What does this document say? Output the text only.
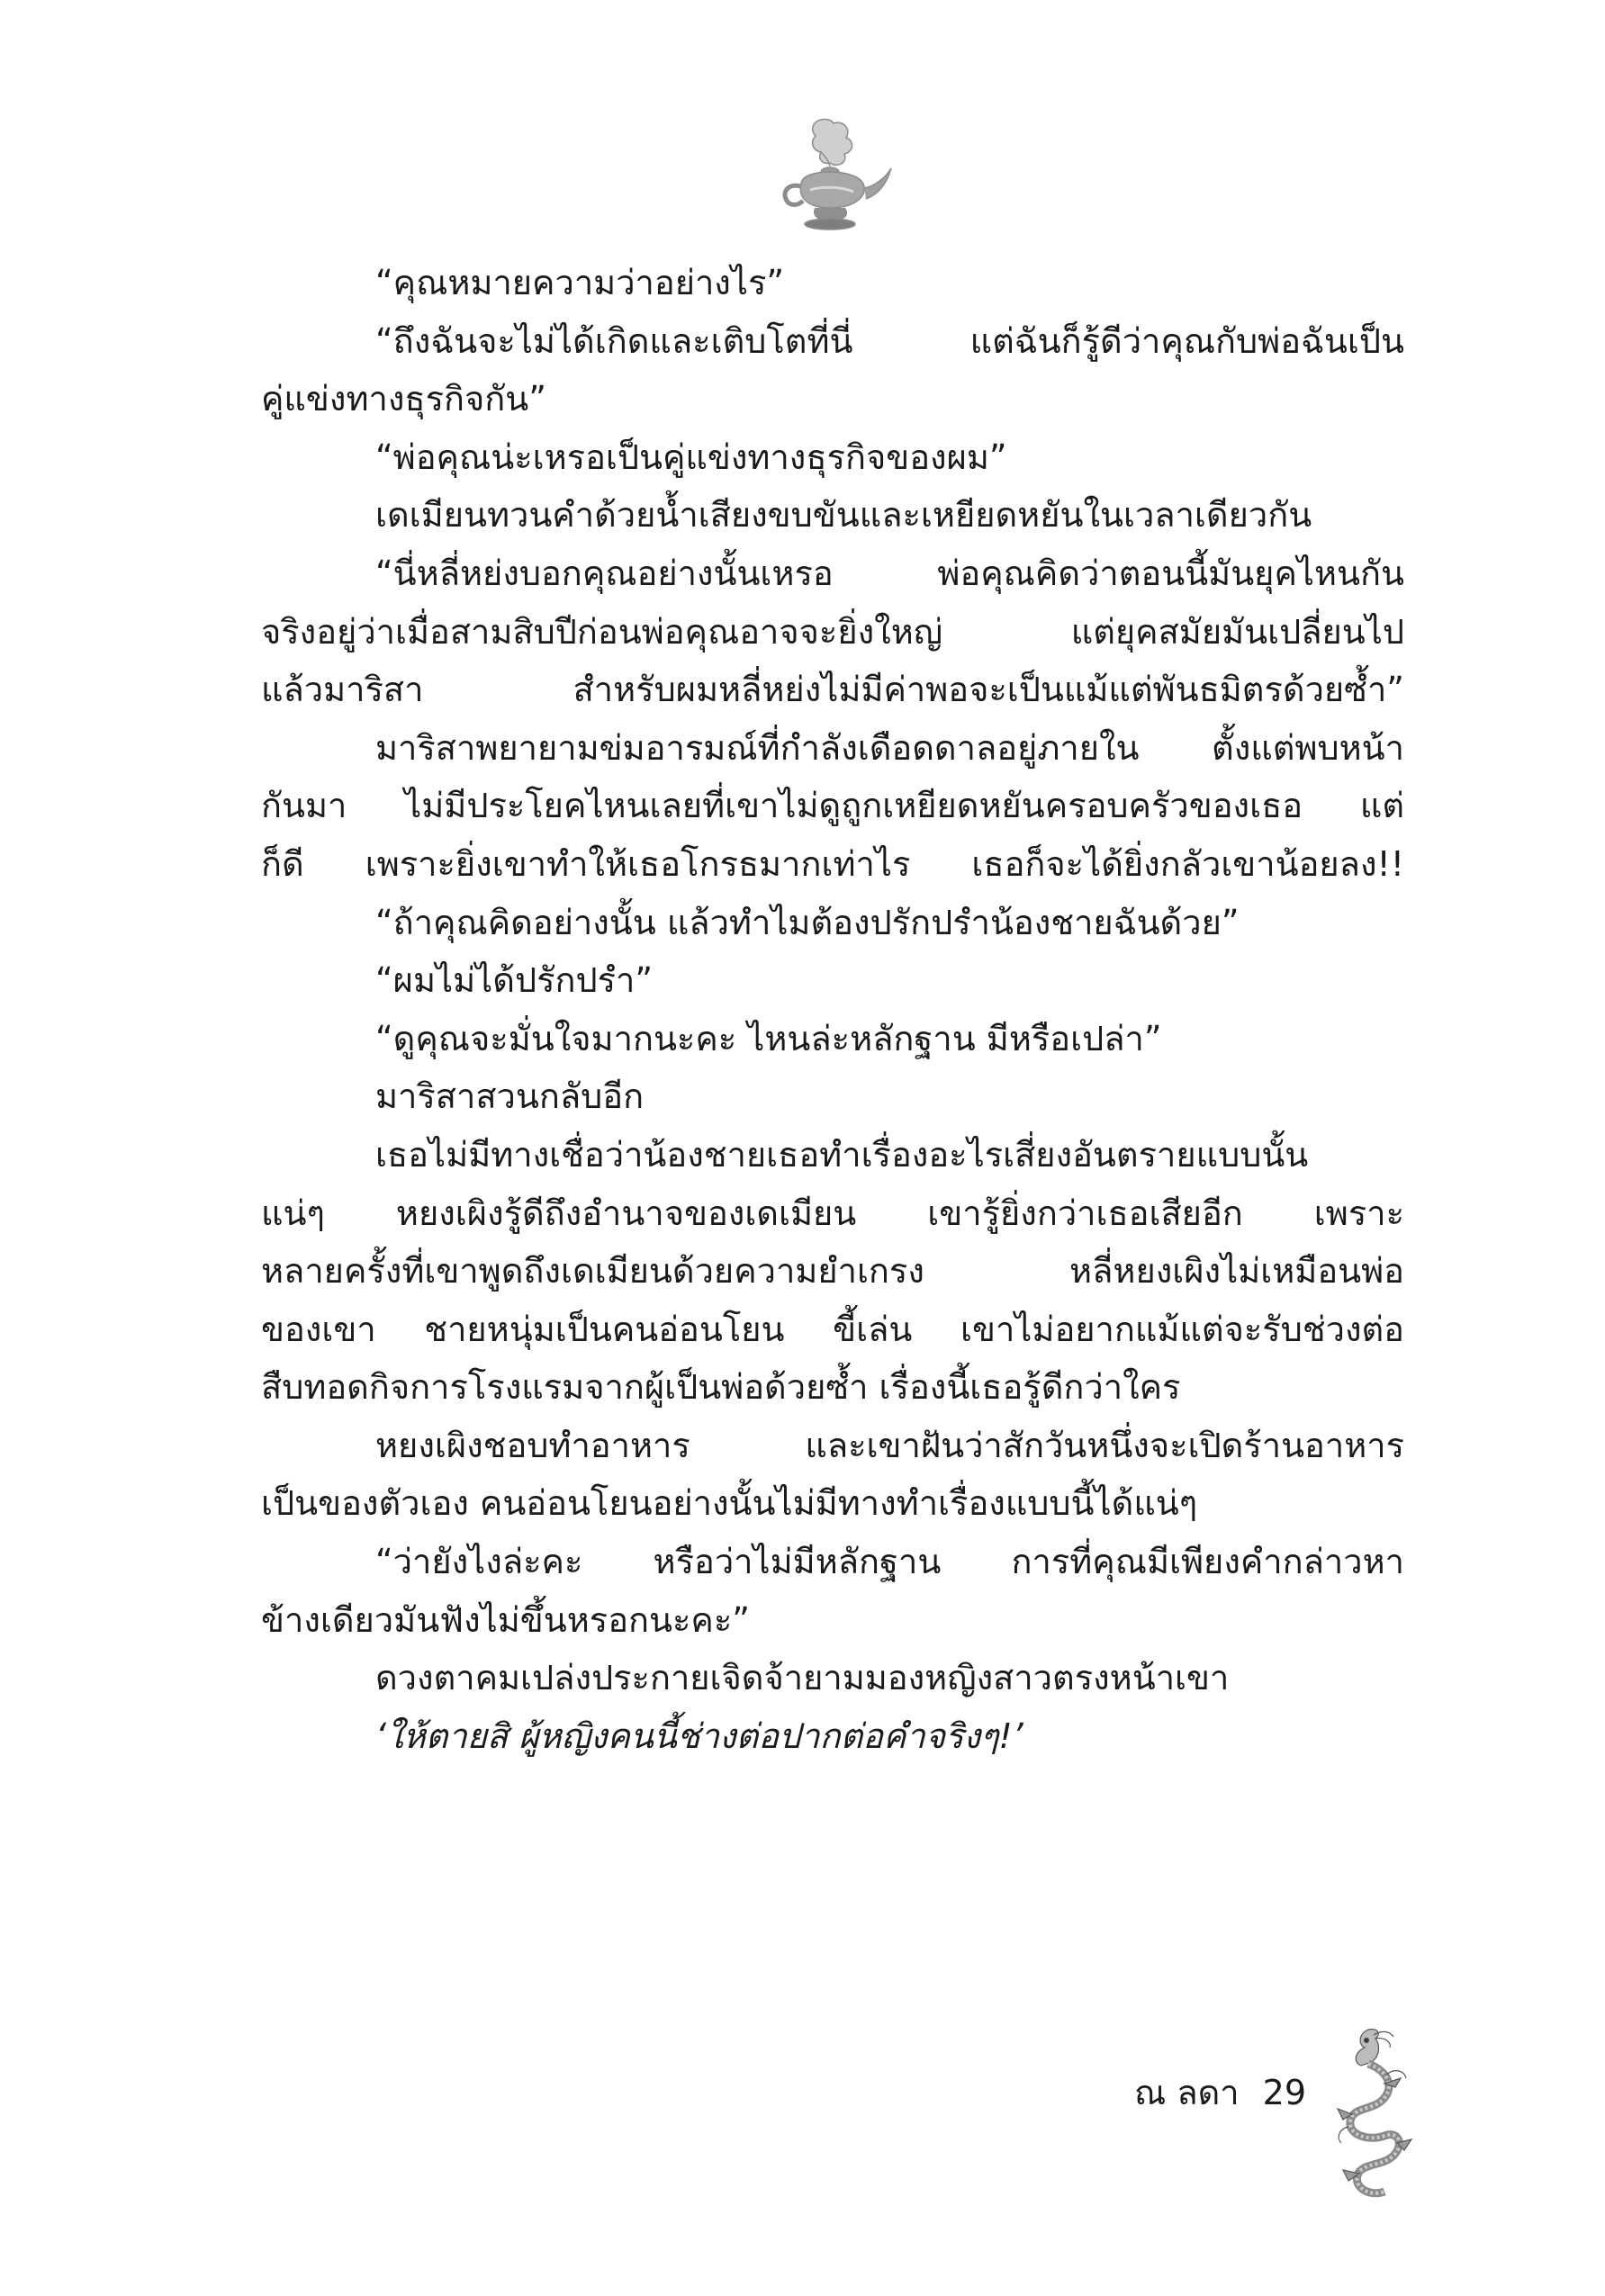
“คุณหมายความว่าอย่างไร”
“ถึงฉันจะไม่ได้เกิดและเติบโตที่นี่ แต่ฉันก็รู้ดีว่าคุณกับพ่อฉันเป็น
คู่แข่งทางธุรกิจกัน”
“พ่อคุณน่ะเหรอเป็นคู่แข่งทางธุรกิจของผม”
เดเมียนทวนคำด้วยน้ำเสียงขบขันและเหยียดหยันในเวลาเดียวกัน
“นี่หลี่หย่งบอกคุณอย่างนั้นเหรอ พ่อคุณคิดว่าตอนนี้มันยุคไหนกัน
จริงอยู่ว่าเมื่อสามสิบปีก่อนพ่อคุณอาจจะยิ่งใหญ่ แต่ยุคสมัยมันเปลี่ยนไป
แล้วมาริสา สำหรับผมหลี่หย่งไม่มีค่าพอจะเป็นแม้แต่พันธมิตรด้วยซ้ำ”
มาริสาพยายามข่มอารมณ์ที่กำลังเดือดดาลอยู่ภายใน ตั้งแต่พบหน้า
กันมา ไม่มีประโยคไหนเลยที่เขาไม่ดูถูกเหยียดหยันครอบครัวของเธอ แต่
ก็ดี เพราะยิ่งเขาทำให้เธอโกรธมากเท่าไร เธอก็จะได้ยิ่งกลัวเขาน้อยลง!!
“ถ้าคุณคิดอย่างนั้น แล้วทำไมต้องปรักปรำน้องชายฉันด้วย”
“ผมไม่ได้ปรักปรำ”
“ดูคุณจะมั่นใจมากนะคะ ไหนล่ะหลักฐาน มีหรือเปล่า”
มาริสาสวนกลับอีก
เธอไม่มีทางเชื่อว่าน้องชายเธอทำเรื่องอะไรเสี่ยงอันตรายแบบนั้น
แน่ๆ หยงเผิงรู้ดีถึงอำนาจของเดเมียน เขารู้ยิ่งกว่าเธอเสียอีก เพราะ
หลายครั้งที่เขาพูดถึงเดเมียนด้วยความยำเกรง หลี่หยงเผิงไม่เหมือนพ่อ
ของเขา ชายหนุ่มเป็นคนอ่อนโยน ขี้เล่น เขาไม่อยากแม้แต่จะรับช่วงต่อ
สืบทอดกิจการโรงแรมจากผู้เป็นพ่อด้วยซ้ำ เรื่องนี้เธอรู้ดีกว่าใคร
หยงเผิงชอบทำอาหาร และเขาฝันว่าสักวันหนึ่งจะเปิดร้านอาหาร
เป็นของตัวเอง คนอ่อนโยนอย่างนั้นไม่มีทางทำเรื่องแบบนี้ได้แน่ๆ
“ว่ายังไงล่ะคะ หรือว่าไม่มีหลักฐาน การที่คุณมีเพียงคำกล่าวหา
ข้างเดียวมันฟังไม่ขึ้นหรอกนะคะ”
ดวงตาคมเปล่งประกายเจิดจ้ายามมองหญิงสาวตรงหน้าเขา
‘ให้ตายสิ ผู้หญิงคนนี้ช่างต่อปากต่อคำจริงๆ!’
ณ ลดา 29
